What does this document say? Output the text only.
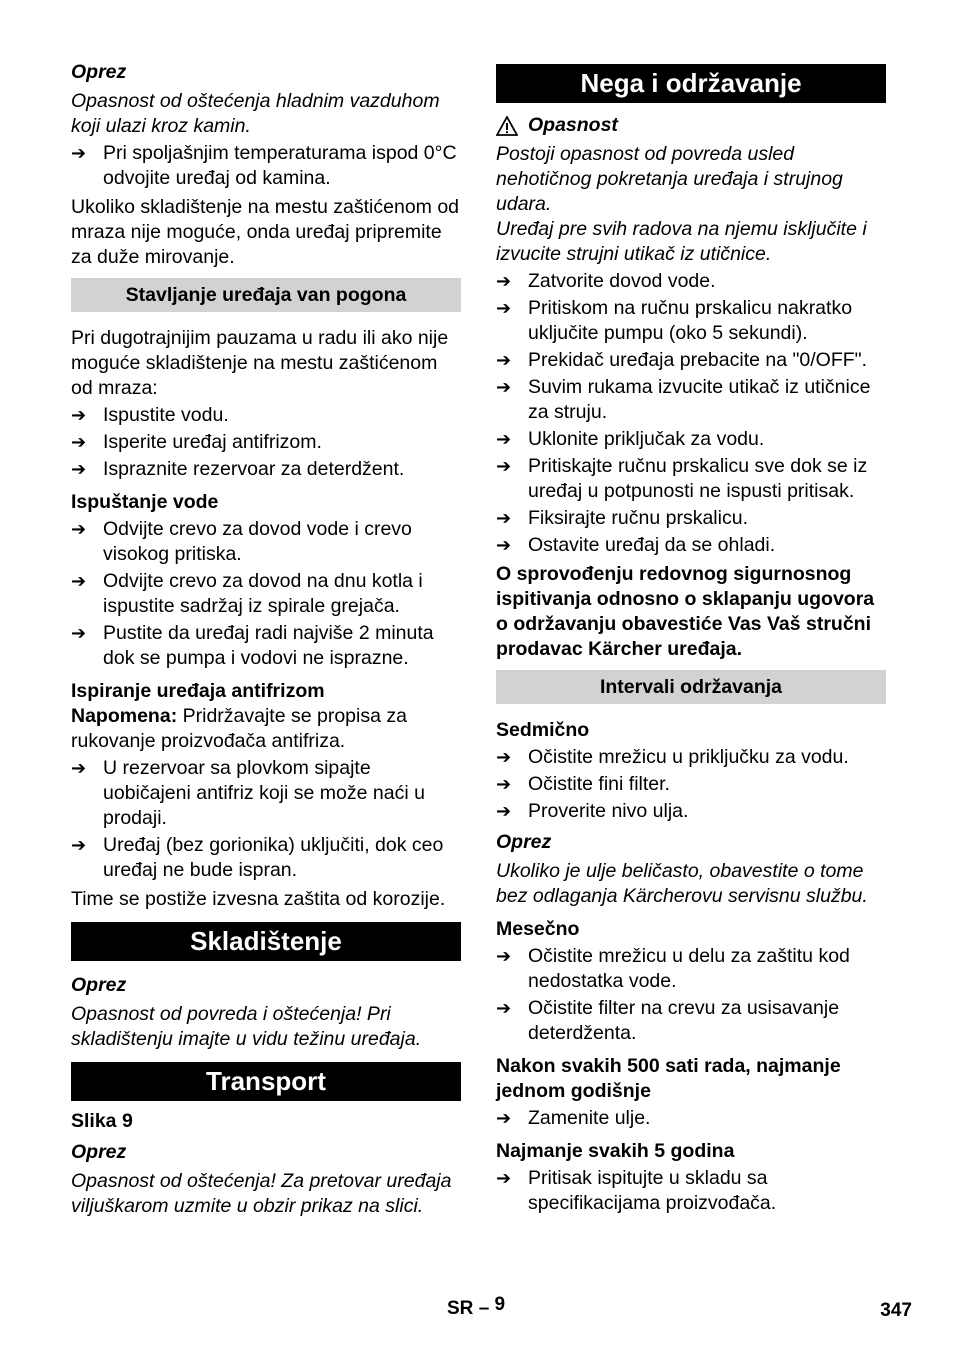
Oprez

Opasnost od oštećenja hladnim vazduhom koji ulazi kroz kamin.

➔ Pri spoljašnjim temperaturama ispod 0°C odvojite uređaj od kamina.

Ukoliko skladištenje na mestu zaštićenom od mraza nije moguće, onda uređaj pripremite za duže mirovanje.

Stavljanje uređaja van pogona

Pri dugotrajnijim pauzama u radu ili ako nije moguće skladištenje na mestu zaštićenom od mraza:

➔ Ispustite vodu.
➔ Isperite uređaj antifrizom.
➔ Ispraznite rezervoar za deterdžent.

Ispuštanje vode

➔ Odvijte crevo za dovod vode i crevo visokog pritiska.
➔ Odvijte crevo za dovod na dnu kotla i ispustite sadržaj iz spirale grejača.
➔ Pustite da uređaj radi najviše 2 minuta dok se pumpa i vodovi ne isprazne.

Ispiranje uređaja antifrizom

Napomena: Pridržavajte se propisa za rukovanje proizvođača antifriza.

➔ U rezervoar sa plovkom sipajte uobičajeni antifriz koji se može naći u prodaji.
➔ Uređaj (bez gorionika) uključiti, dok ceo uređaj ne bude ispran.

Time se postiže izvesna zaštita od korozije.

Skladištenje

Oprez

Opasnost od povreda i oštećenja! Pri skladištenju imajte u vidu težinu uređaja.

Transport

Slika 9

Oprez

Opasnost od oštećenja! Za pretovar uređaja viljuškarom uzmite u obzir prikaz na slici.

Nega i održavanje
Opasnost

Postoji opasnost od povreda usled nehotičnog pokretanja uređaja i strujnog udara.

Uređaj pre svih radova na njemu isključite i izvucite strujni utikač iz utičnice.

➔ Zatvorite dovod vode.
➔ Pritiskom na ručnu prskalicu nakratko uključite pumpu (oko 5 sekundi).
➔ Prekidač uređaja prebacite na "0/OFF".
➔ Suvim rukama izvucite utikač iz utičnice za struju.
➔ Uklonite priključak za vodu.
➔ Pritiskajte ručnu prskalicu sve dok se iz uređaj u potpunosti ne ispusti pritisak.
➔ Fiksirajte ručnu prskalicu.
➔ Ostavite uređaj da se ohladi.

O sprovođenju redovnog sigurnosnog ispitivanja odnosno o sklapanju ugovora o održavanju obavestiće Vas Vaš stručni prodavac Kärcher uređaja.

Intervali održavanja

Sedmično

➔ Očistite mrežicu u priključku za vodu.
➔ Očistite fini filter.
➔ Proverite nivo ulja.

Oprez

Ukoliko je ulje beličasto, obavestite o tome bez odlaganja Kärcherovu servisnu službu.

Mesečno

➔ Očistite mrežicu u delu za zaštitu kod nedostatka vode.
➔ Očistite filter na crevu za usisavanje deterdženta.

Nakon svakih 500 sati rada, najmanje jednom godišnje

➔ Zamenite ulje.

Najmanje svakih 5 godina

➔ Pritisak ispitujte u skladu sa specifikacijama proizvođača.
SR – 9	347
